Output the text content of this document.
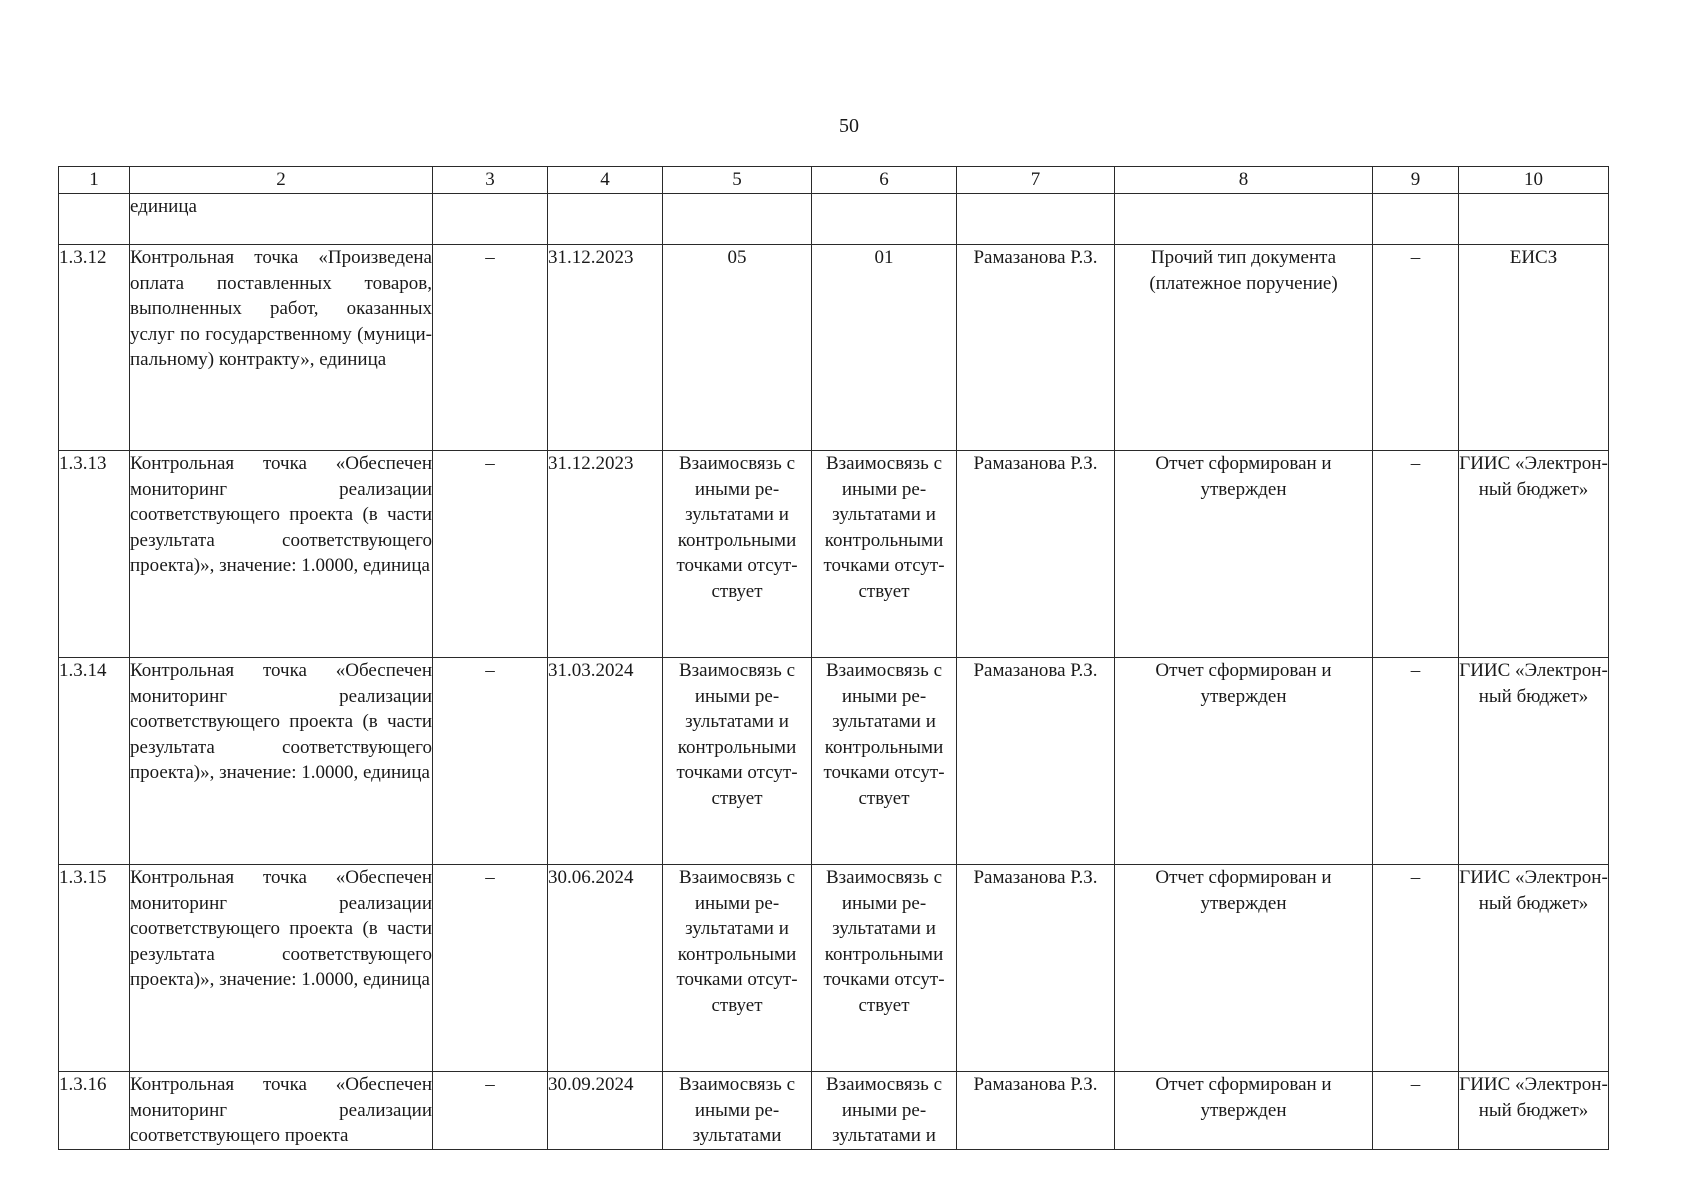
50
1	2	3	4	5	6	7	8	9	10
	единица								
1.3.12	Контрольная точка «Произведена оплата поставленных товаров, выполненных работ, оказанных услуг по государственному (муниципальному) контракту», единица	–	31.12.2023	05	01	Рамазанова Р.З.	Прочий тип документа (платежное поручение)	–	ЕИСЗ
1.3.13	Контрольная точка «Обеспечен мониторинг реализации соответствующего проекта (в части результата соответствующего проекта)», значение: 1.0000, единица	–	31.12.2023	Взаимосвязь с иными результатами и контрольными точками отсутствует	Взаимосвязь с иными результатами и контрольными точками отсутствует	Рамазанова Р.З.	Отчет сформирован и утвержден	–	ГИИС «Электронный бюджет»
1.3.14	Контрольная точка «Обеспечен мониторинг реализации соответствующего проекта (в части результата соответствующего проекта)», значение: 1.0000, единица	–	31.03.2024	Взаимосвязь с иными результатами и контрольными точками отсутствует	Взаимосвязь с иными результатами и контрольными точками отсутствует	Рамазанова Р.З.	Отчет сформирован и утвержден	–	ГИИС «Электронный бюджет»
1.3.15	Контрольная точка «Обеспечен мониторинг реализации соответствующего проекта (в части результата соответствующего проекта)», значение: 1.0000, единица	–	30.06.2024	Взаимосвязь с иными результатами и контрольными точками отсутствует	Взаимосвязь с иными результатами и контрольными точками отсутствует	Рамазанова Р.З.	Отчет сформирован и утвержден	–	ГИИС «Электронный бюджет»
1.3.16	Контрольная точка «Обеспечен мониторинг реализации соответствующего проекта	–	30.09.2024	Взаимосвязь с иными результатами	Взаимосвязь с иными результатами и	Рамазанова Р.З.	Отчет сформирован и утвержден	–	ГИИС «Электронный бюджет»
